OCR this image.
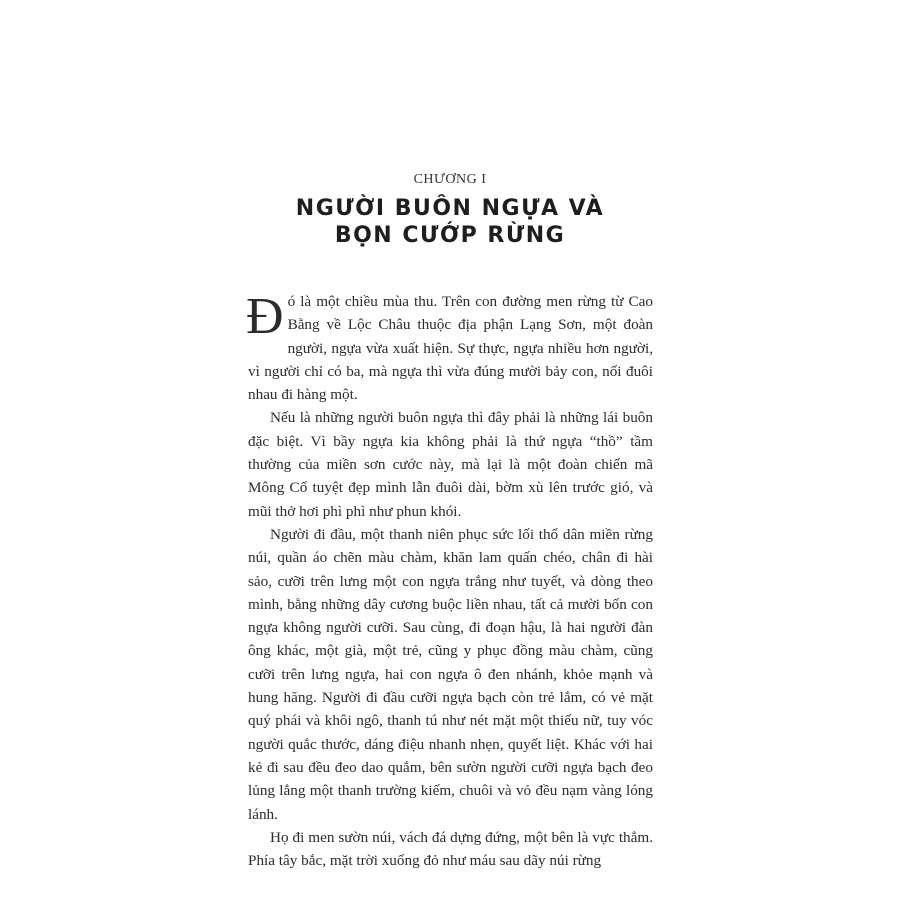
CHƯƠNG I
NGƯỜI BUÔN NGỰA VÀ
BỌN CƯỚP RỪNG

Đó là một chiều mùa thu. Trên con đường men rừng từ Cao Bằng về Lộc Châu thuộc địa phận Lạng Sơn, một đoàn người, ngựa vừa xuất hiện. Sự thực, ngựa nhiều hơn người, vì người chỉ có ba, mà ngựa thì vừa đúng mười bảy con, nối đuôi nhau đi hàng một.

Nếu là những người buôn ngựa thì đây phải là những lái buôn đặc biệt. Vì bầy ngựa kia không phải là thứ ngựa “thồ” tầm thường của miền sơn cước này, mà lại là một đoàn chiến mã Mông Cổ tuyệt đẹp mình lẫn đuôi dài, bờm xù lên trước gió, và mũi thở hơi phì phì như phun khói.

Người đi đầu, một thanh niên phục sức lối thổ dân miền rừng núi, quần áo chẽn màu chàm, khăn lam quấn chéo, chân đi hài sảo, cưỡi trên lưng một con ngựa trắng như tuyết, và dòng theo mình, bằng những dây cương buộc liền nhau, tất cả mười bốn con ngựa không người cưỡi. Sau cùng, đi đoạn hậu, là hai người đàn ông khác, một già, một trẻ, cũng y phục đồng màu chàm, cũng cưỡi trên lưng ngựa, hai con ngựa ô đen nhánh, khỏe mạnh và hung hăng. Người đi đầu cưỡi ngựa bạch còn trẻ lắm, có vẻ mặt quý phái và khôi ngô, thanh tú như nét mặt một thiếu nữ, tuy vóc người quắc thước, dáng điệu nhanh nhẹn, quyết liệt. Khác với hai kẻ đi sau đều đeo dao quắm, bên sườn người cưỡi ngựa bạch đeo lủng lẳng một thanh trường kiếm, chuôi và vỏ đều nạm vàng lóng lánh.

Họ đi men sườn núi, vách đá dựng đứng, một bên là vực thẳm. Phía tây bắc, mặt trời xuống đỏ như máu sau dãy núi rừng
